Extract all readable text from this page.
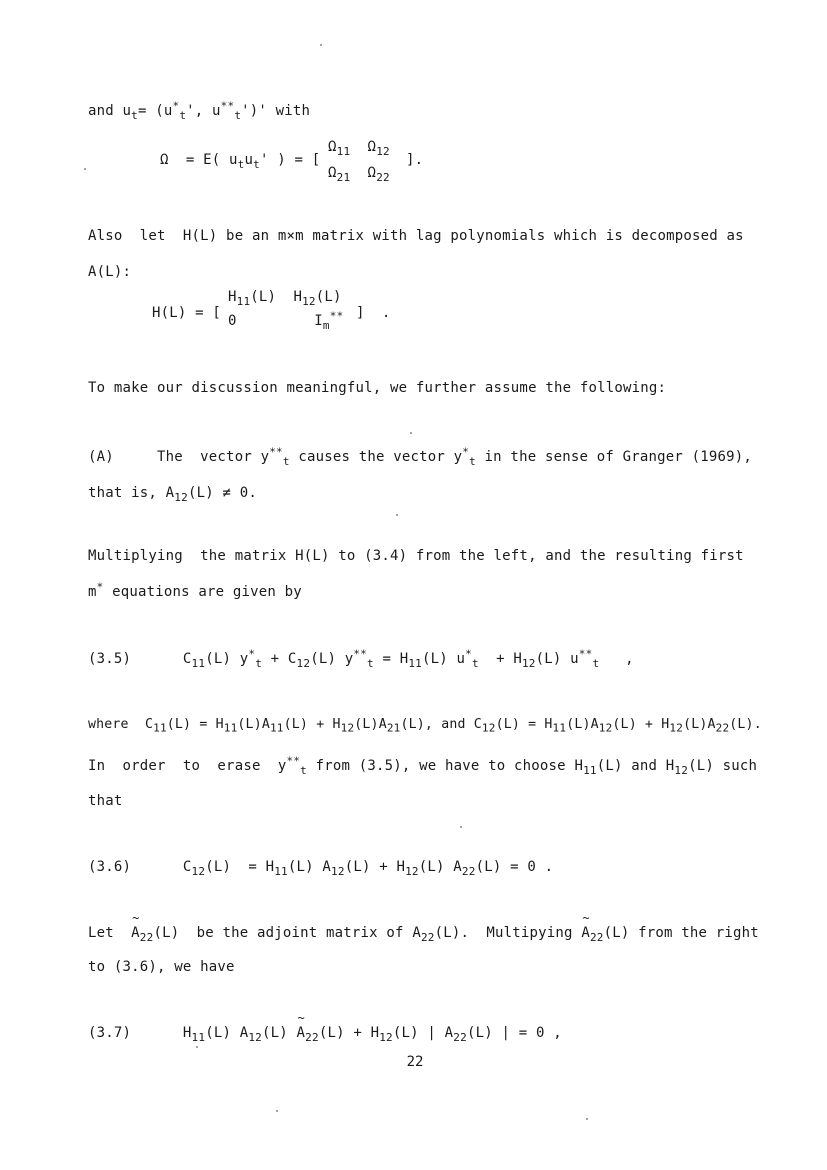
and $u_t= (u^*_t'$, $u^{**}_t')'$ with
Ω  = E( $u_tu_t'$ ) = [
$\Omega_{11}$  $\Omega_{12}$
$\Omega_{21}$  $\Omega_{22}$
].
Also  let  H(L) be an m×m matrix with lag polynomials which is decomposed as
A(L):
H(L) = [
$H_{11}(L)$  $H_{12}(L)$
0         $I_m^{**}$ ]  .
To make our discussion meaningful, we further assume the following:
(A)     The  vector $y^{**}_t$ causes the vector $y^*_t$ in the sense of Granger (1969),
that is, $A_{12}(L) \ne 0$.
Multiplying  the matrix H(L) to (3.4) from the left, and the resulting first
m* equations are given by
(3.5)      $C_{11}(L) y^*_t + C_{12}(L) y^{**}_t = H_{11}(L) u^*_t + H_{12}(L)$ $u^{**}_t$   ,
where  $C_{11}(L) = H_{11}(L)A_{11}(L) + H_{12}(L)A_{21}(L)$, and $C_{12}(L) = H_{11}(L)A_{12}(L) + H_{12}(L)A_{22}(L)$.
In  order  to  erase  $y^{**}_t$ from (3.5), we have to choose $H_{11}(L)$ and $H_{12}(L)$ such
that
(3.6)      $C_{12}(L) = H_{11}(L) A_{12}(L) + H_{12}(L) A_{22}(L) = 0$ .
Let  ~ $A_{22}(L)$  be the adjoint matrix of $A_{22}(L)$.  Multipying ~ $A_{22}(L)$ from the right
to (3.6), we have
(3.7)      $H_{11}(L)$ $A_{12}(L)$ ~ $A_{22}(L) + H_{12}(L)$ | $A_{22}(L)$ | = 0 ,
22
